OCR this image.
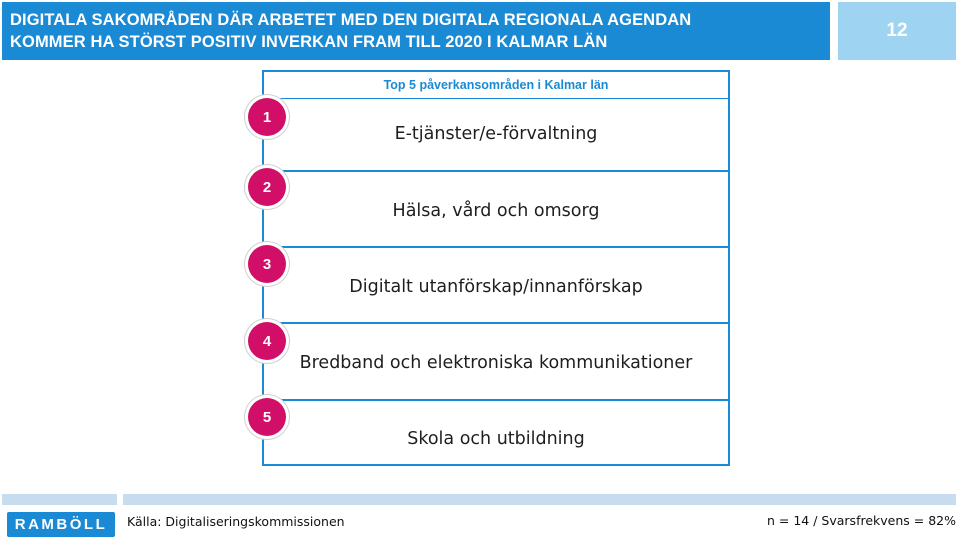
DIGITALA SAKOMRÅDEN DÄR ARBETET MED DEN DIGITALA REGIONALA AGENDAN
KOMMER HA STÖRST POSITIV INVERKAN FRAM TILL 2020 I KALMAR LÄN
12
Top 5 påverkansområden i Kalmar län
E-tjänster/e-förvaltning
Hälsa, vård och omsorg
Digitalt utanförskap/innanförskap
Bredband och elektroniska kommunikationer
Skola och utbildning
1
2
3
4
5
RAMBÖLL	Källa: Digitaliseringskommissionen	n = 14 / Svarsfrekvens = 82%
